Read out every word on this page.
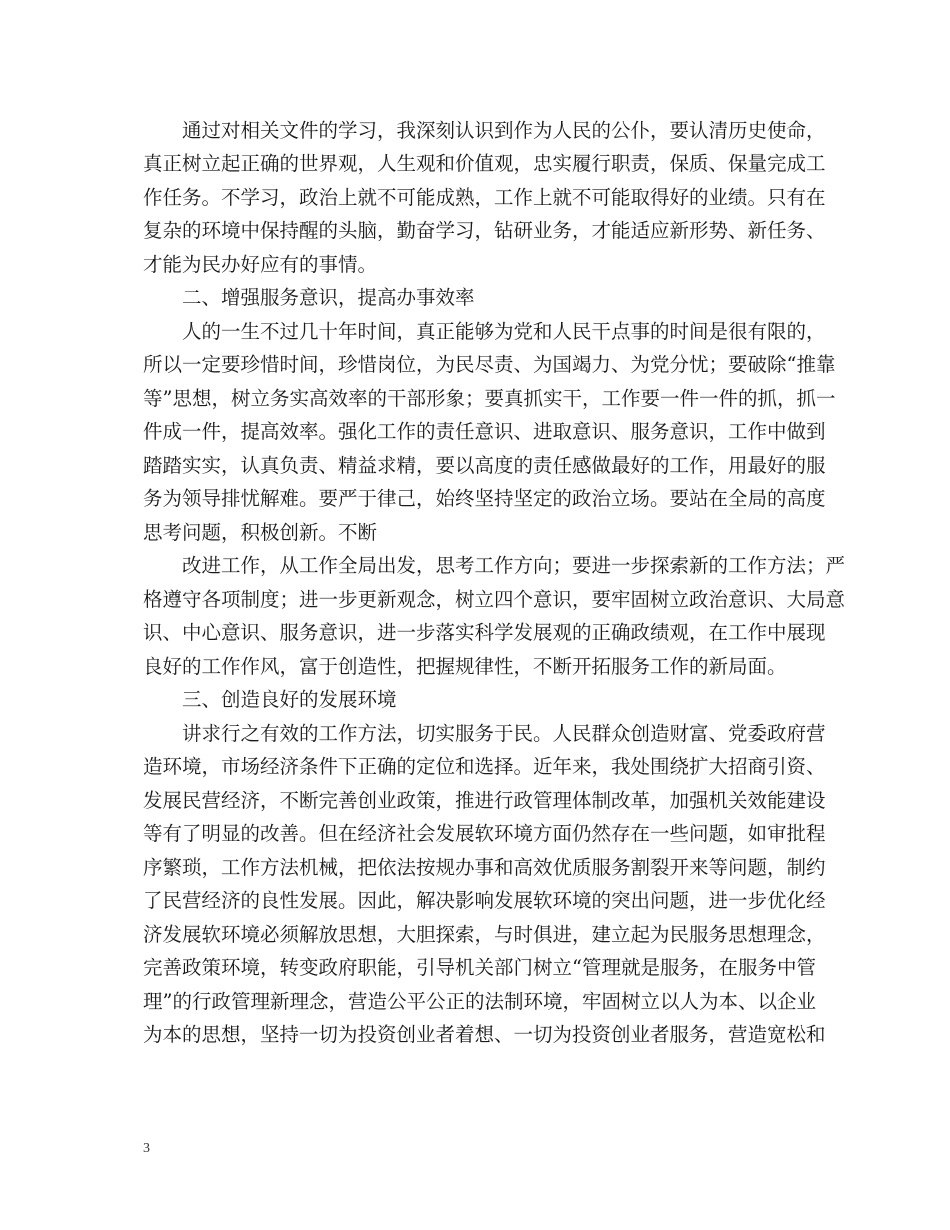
通过对相关文件的学习，我深刻认识到作为人民的公仆，要认清历史使命，
真正树立起正确的世界观，人生观和价值观，忠实履行职责，保质、保量完成工
作任务。不学习，政治上就不可能成熟，工作上就不可能取得好的业绩。只有在
复杂的环境中保持醒的头脑，勤奋学习，钻研业务，才能适应新形势、新任务、
才能为民办好应有的事情。
二、增强服务意识，提高办事效率
人的一生不过几十年时间，真正能够为党和人民干点事的时间是很有限的，
所以一定要珍惜时间，珍惜岗位，为民尽责、为国竭力、为党分忧；要破除“推靠
等”思想，树立务实高效率的干部形象；要真抓实干，工作要一件一件的抓，抓一
件成一件，提高效率。强化工作的责任意识、进取意识、服务意识，工作中做到
踏踏实实，认真负责、精益求精，要以高度的责任感做最好的工作，用最好的服
务为领导排忧解难。要严于律己，始终坚持坚定的政治立场。要站在全局的高度
思考问题，积极创新。不断
改进工作，从工作全局出发，思考工作方向；要进一步探索新的工作方法；严
格遵守各项制度；进一步更新观念，树立四个意识，要牢固树立政治意识、大局意
识、中心意识、服务意识，进一步落实科学发展观的正确政绩观，在工作中展现
良好的工作作风，富于创造性，把握规律性，不断开拓服务工作的新局面。
三、创造良好的发展环境
讲求行之有效的工作方法，切实服务于民。人民群众创造财富、党委政府营
造环境，市场经济条件下正确的定位和选择。近年来，我处围绕扩大招商引资、
发展民营经济，不断完善创业政策，推进行政管理体制改革，加强机关效能建设
等有了明显的改善。但在经济社会发展软环境方面仍然存在一些问题，如审批程
序繁琐，工作方法机械，把依法按规办事和高效优质服务割裂开来等问题，制约
了民营经济的良性发展。因此，解决影响发展软环境的突出问题，进一步优化经
济发展软环境必须解放思想，大胆探索，与时俱进，建立起为民服务思想理念，
完善政策环境，转变政府职能，引导机关部门树立“管理就是服务，在服务中管
理”的行政管理新理念，营造公平公正的法制环境，牢固树立以人为本、以企业
为本的思想，坚持一切为投资创业者着想、一切为投资创业者服务，营造宽松和
3
